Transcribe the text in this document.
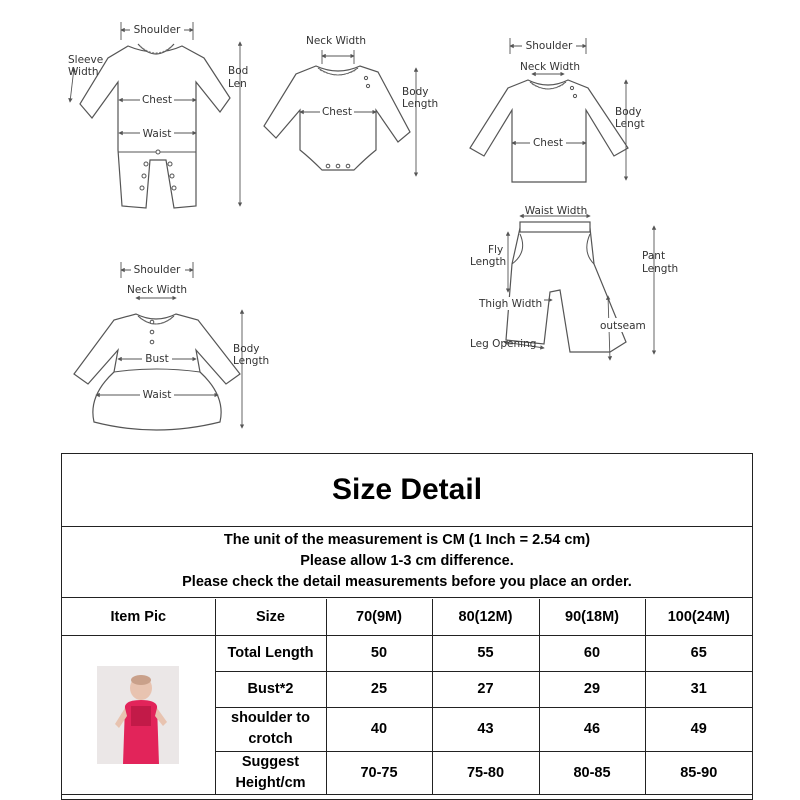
Shoulder
Sleeve
Width	Bod
Len
Chest
Waist
Neck Width
Chest
Body
Length
Shoulder
Neck Width
Chest
Body
Lengt
Waist Width
Fly
Length	Pant
Length
Thigh Width
outseam
Leg Opening
Shoulder
Neck Width
Bust
Waist
Body
Length
Size Detail
The unit of the measurement is CM (1 Inch = 2.54 cm)
Please allow 1-3 cm difference.
Please check the detail measurements before you place an order.
Item Pic	Size	70(9M)	80(12M)	90(18M)	100(24M)

	Total Length	50	55	60	65
	Bust*2	25	27	29	31
	shoulder to crotch	40	43	46	49
	Suggest Height/cm	70-75	75-80	80-85	85-90
